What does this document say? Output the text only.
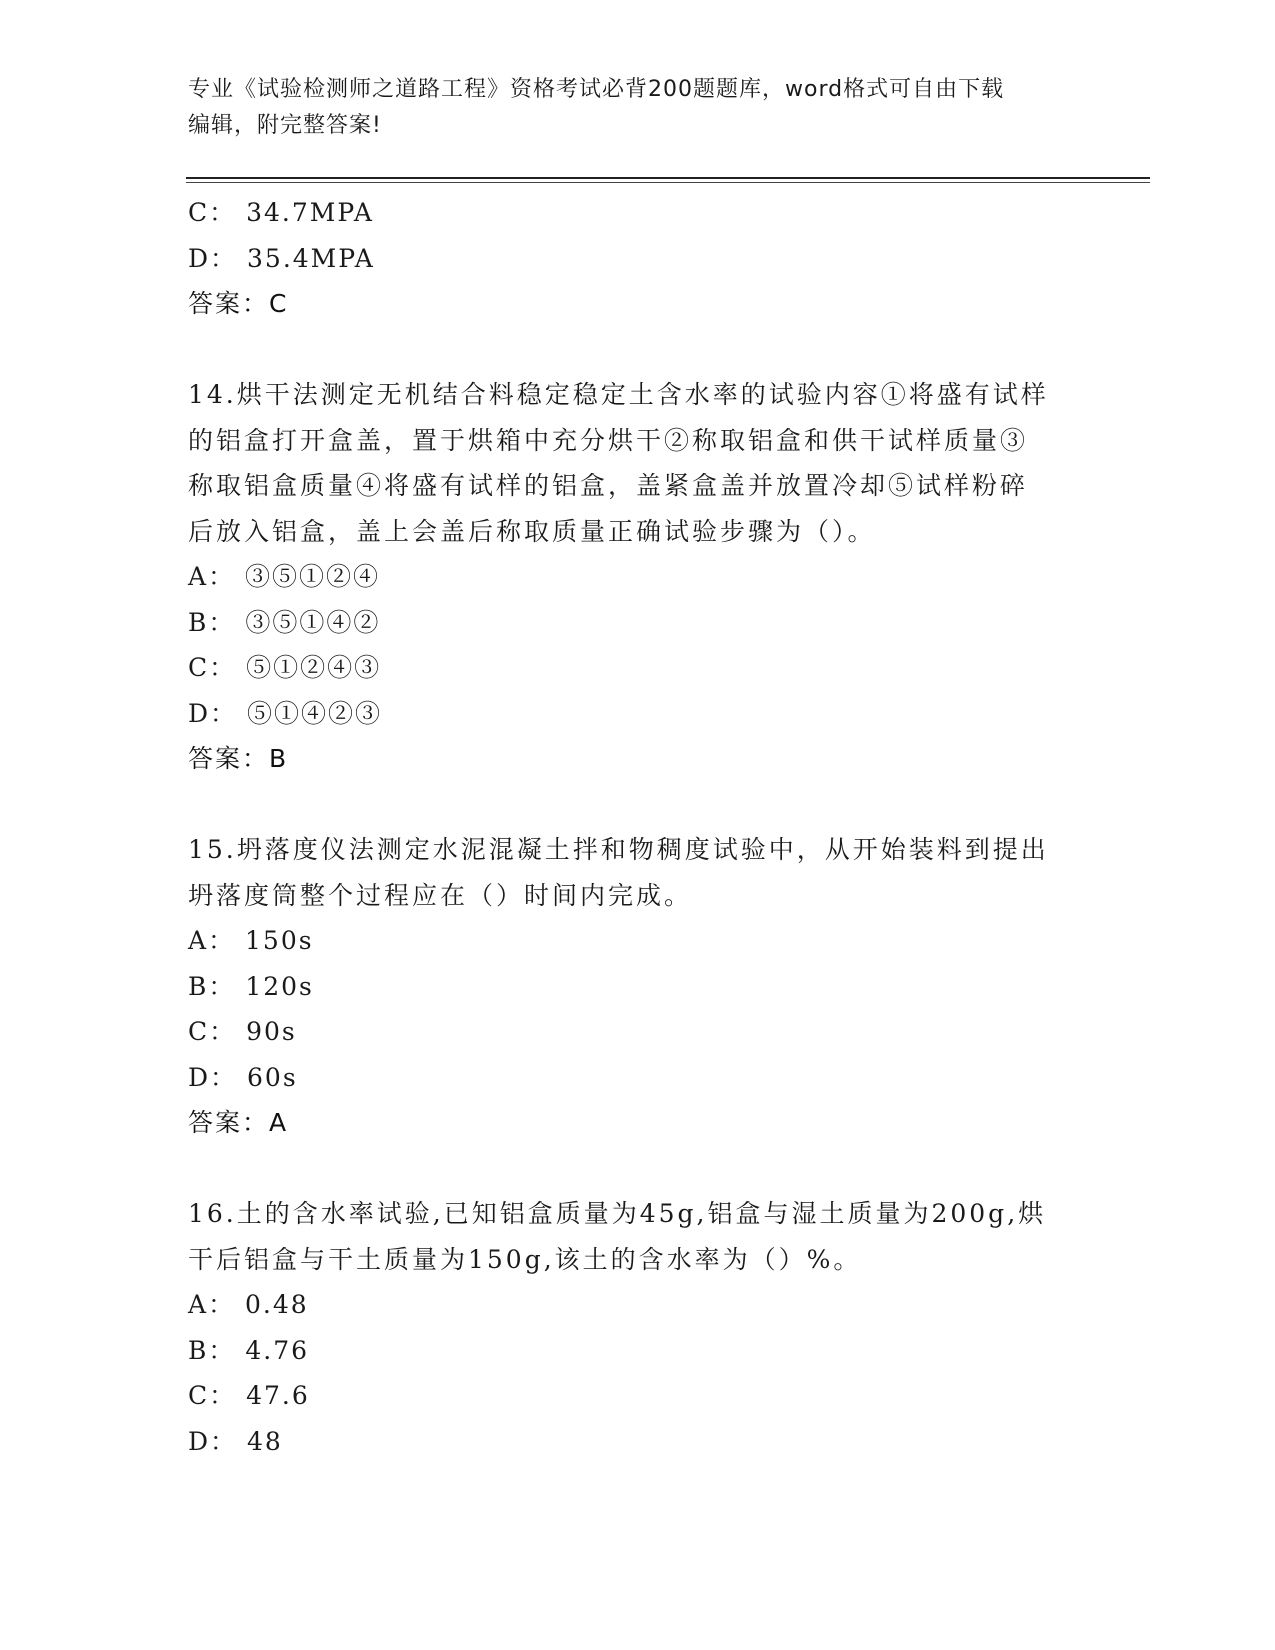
专业《试验检测师之道路工程》资格考试必背200题题库，word格式可自由下载
编辑，附完整答案!
C： 34.7MPA
D： 35.4MPA
答案：C
14.烘干法测定无机结合料稳定稳定土含水率的试验内容①将盛有试样
的铝盒打开盒盖，置于烘箱中充分烘干②称取铝盒和供干试样质量③
称取铝盒质量④将盛有试样的铝盒，盖紧盒盖并放置冷却⑤试样粉碎
后放入铝盒，盖上会盖后称取质量正确试验步骤为（）。
A： ③⑤①②④
B： ③⑤①④②
C： ⑤①②④③
D： ⑤①④②③
答案：B
15.坍落度仪法测定水泥混凝土拌和物稠度试验中，从开始装料到提出
坍落度筒整个过程应在（）时间内完成。
A： 150s
B： 120s
C： 90s
D： 60s
答案：A
16.土的含水率试验,已知铝盒质量为45g,铝盒与湿土质量为200g,烘
干后铝盒与干土质量为150g,该土的含水率为（）%。
A： 0.48
B： 4.76
C： 47.6
D： 48
